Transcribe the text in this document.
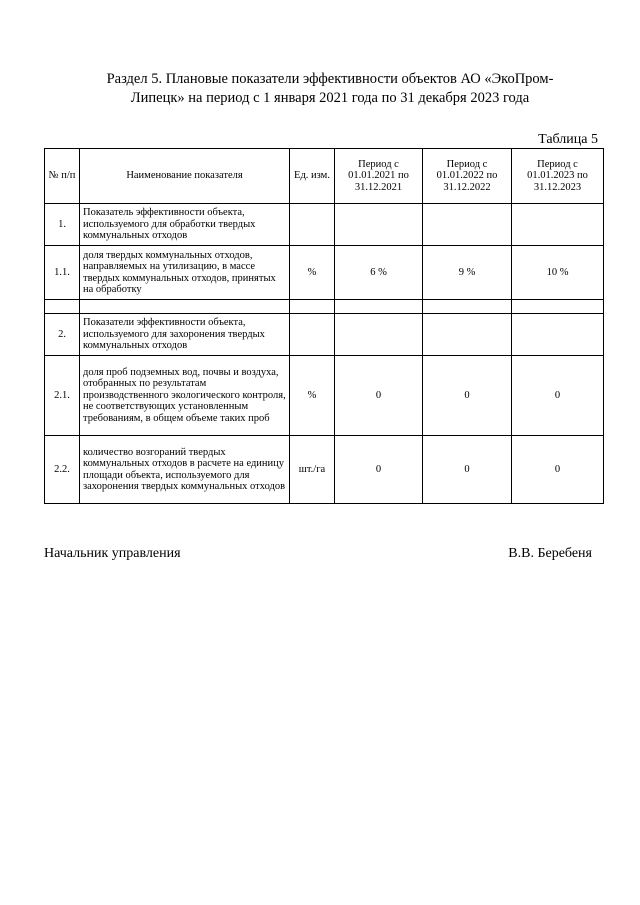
Раздел 5. Плановые показатели эффективности объектов АО «ЭкоПром-
Липецк» на период с 1 января 2021 года по 31 декабря 2023 года
Таблица 5
№ п/п	Наименование показателя	Ед. изм.	Период с 01.01.2021 по 31.12.2021	Период с 01.01.2022 по 31.12.2022	Период с 01.01.2023 по 31.12.2023
1.	Показатель эффективности объекта, используемого для обработки твердых коммунальных отходов				
1.1.	доля твердых коммунальных отходов, направляемых на утилизацию, в массе твердых коммунальных отходов, принятых на обработку	%	6 %	9 %	10 %

2.	Показатели эффективности объекта, используемого для захоронения твердых коммунальных отходов				
2.1.	доля проб подземных вод, почвы и воздуха, отобранных по результатам производственного экологического контроля, не соответствующих установленным требованиям, в общем объеме таких проб	%	0	0	0
2.2.	количество возгораний твердых коммунальных отходов в расчете на единицу площади объекта, используемого для захоронения твердых коммунальных отходов	шт./га	0	0	0
Начальник управления	В.В. Беребеня
